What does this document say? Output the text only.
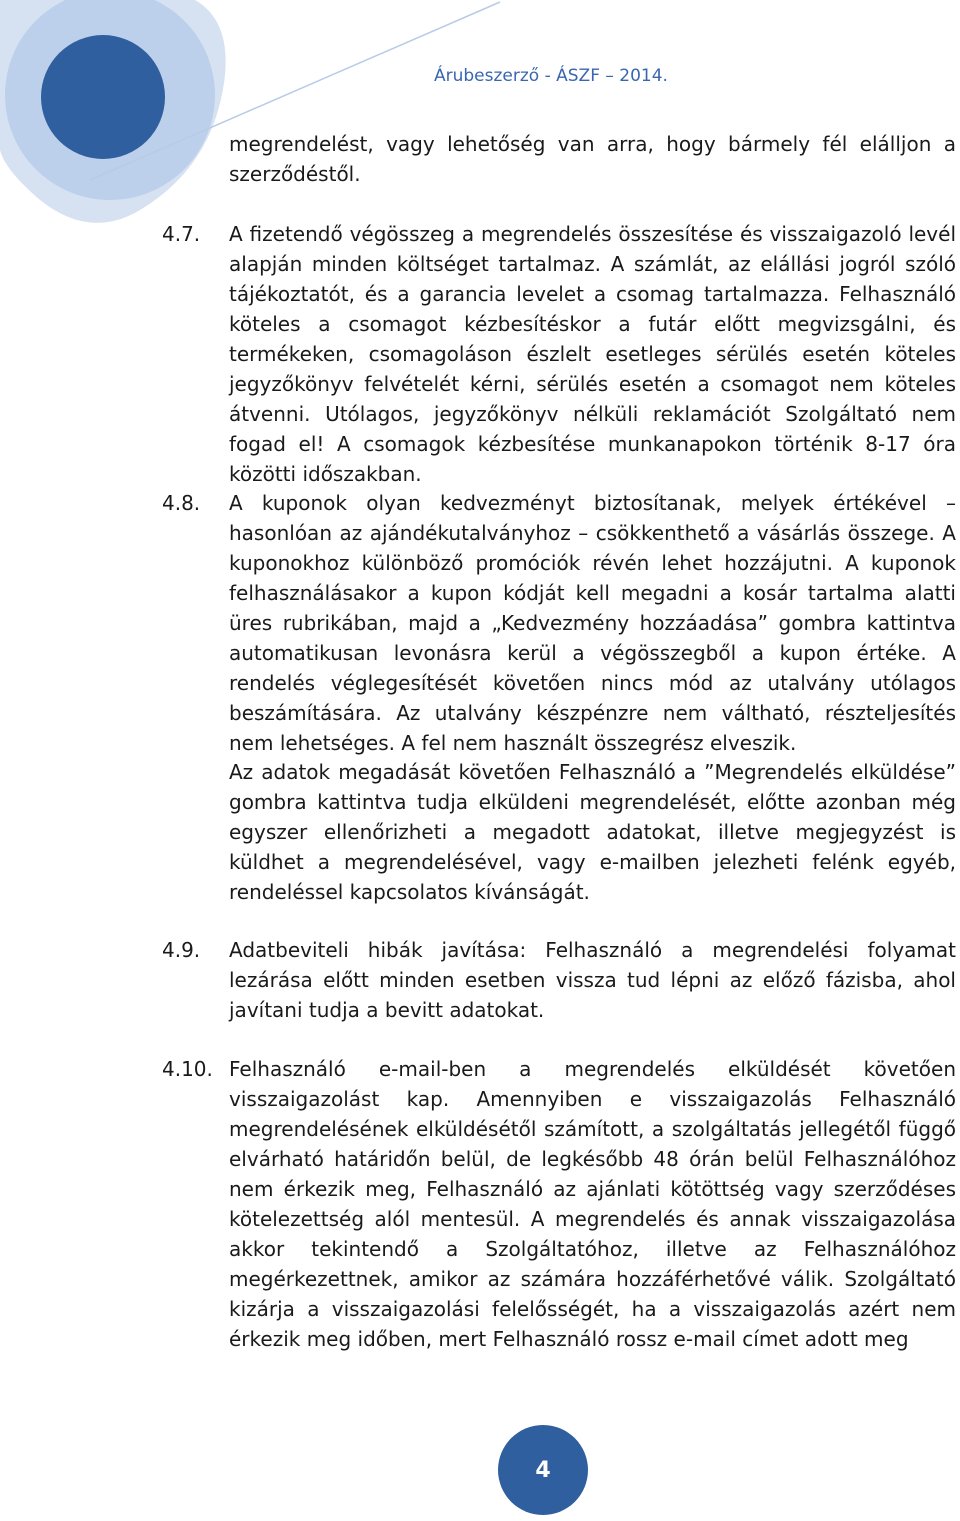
Árubeszerző - ÁSZF – 2014.
megrendelést, vagy lehetőség van arra, hogy bármely fél elálljon a szerződéstől.
4.7. A fizetendő végösszeg a megrendelés összesítése és visszaigazoló levél alapján minden költséget tartalmaz. A számlát, az elállási jogról szóló tájékoztatót, és a garancia levelet a csomag tartalmazza. Felhasználó köteles a csomagot kézbesítéskor a futár előtt megvizsgálni, és termékeken, csomagoláson észlelt esetleges sérülés esetén köteles jegyzőkönyv felvételét kérni, sérülés esetén a csomagot nem köteles átvenni. Utólagos, jegyzőkönyv nélküli reklamációt Szolgáltató nem fogad el! A csomagok kézbesítése munkanapokon történik 8-17 óra közötti időszakban.
4.8. A kuponok olyan kedvezményt biztosítanak, melyek értékével – hasonlóan az ajándékutalványhoz – csökkenthető a vásárlás összege. A kuponokhoz különböző promóciók révén lehet hozzájutni. A kuponok felhasználásakor a kupon kódját kell megadni a kosár tartalma alatti üres rubrikában, majd a „Kedvezmény hozzáadása” gombra kattintva automatikusan levonásra kerül a végösszegből a kupon értéke. A rendelés véglegesítését követően nincs mód az utalvány utólagos beszámítására. Az utalvány készpénzre nem váltható, részteljesítés nem lehetséges. A fel nem használt összegrész elveszik.
Az adatok megadását követően Felhasználó a ”Megrendelés elküldése” gombra kattintva tudja elküldeni megrendelését, előtte azonban még egyszer ellenőrizheti a megadott adatokat, illetve megjegyzést is küldhet a megrendelésével, vagy e-mailben jelezheti felénk egyéb, rendeléssel kapcsolatos kívánságát.
4.9. Adatbeviteli hibák javítása: Felhasználó a megrendelési folyamat lezárása előtt minden esetben vissza tud lépni az előző fázisba, ahol javítani tudja a bevitt adatokat.
4.10. Felhasználó e-mail-ben a megrendelés elküldését követően visszaigazolást kap. Amennyiben e visszaigazolás Felhasználó megrendelésének elküldésétől számított, a szolgáltatás jellegétől függő elvárható határidőn belül, de legkésőbb 48 órán belül Felhasználóhoz nem érkezik meg, Felhasználó az ajánlati kötöttség vagy szerződéses kötelezettség alól mentesül. A megrendelés és annak visszaigazolása akkor tekintendő a Szolgáltatóhoz, illetve az Felhasználóhoz megérkezettnek, amikor az számára hozzáférhetővé válik. Szolgáltató kizárja a visszaigazolási felelősségét, ha a visszaigazolás azért nem érkezik meg időben, mert Felhasználó rossz e-mail címet adott meg
4
